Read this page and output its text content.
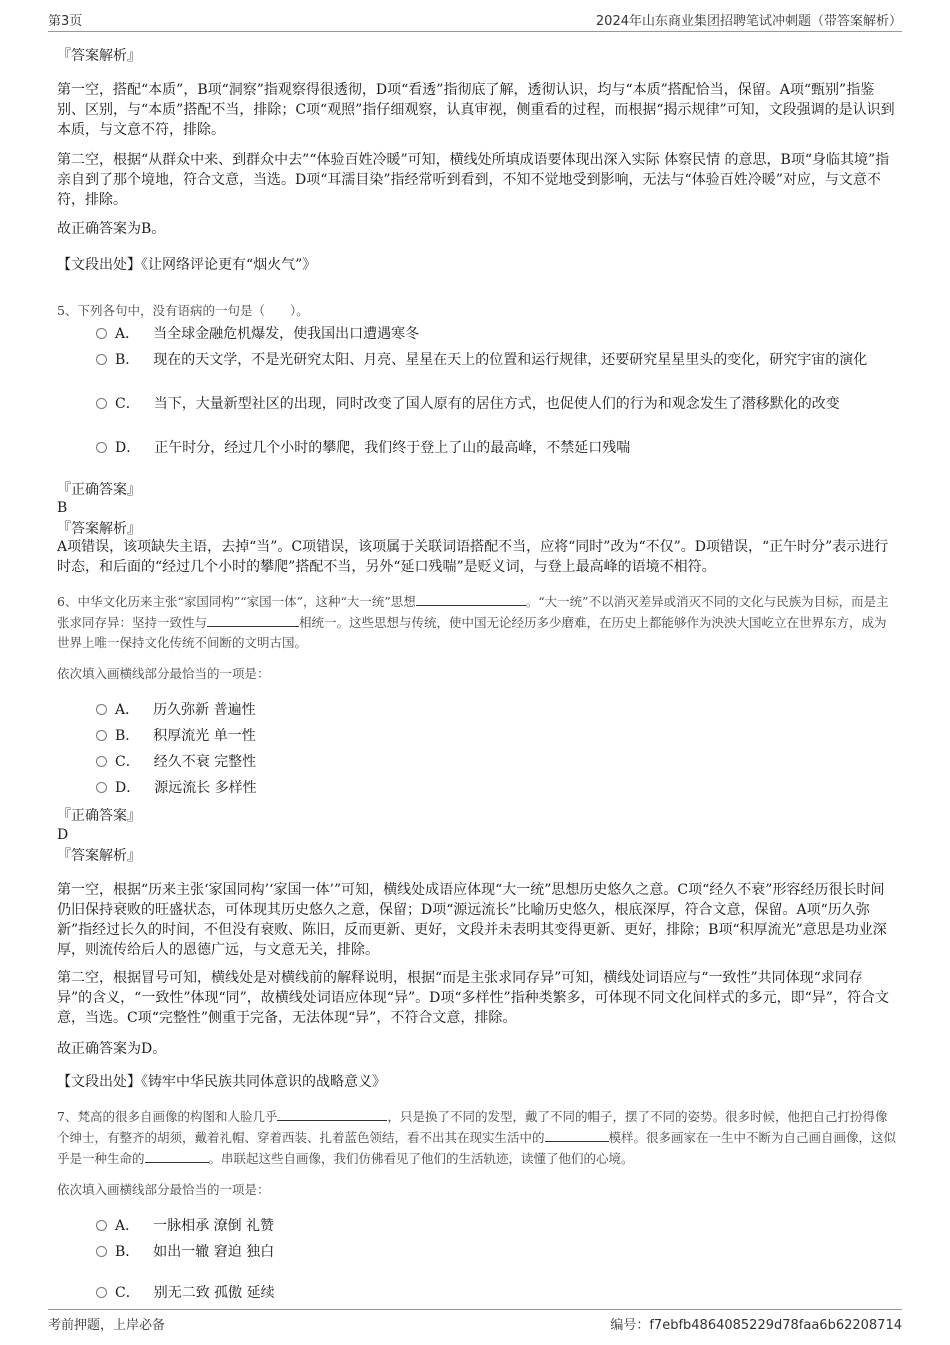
第3页	2024年山东商业集团招聘笔试冲刺题（带答案解析）
『答案解析』
第一空，搭配“本质”，B项“洞察”指观察得很透彻，D项“看透”指彻底了解，透彻认识，均与“本质”搭配恰当，保留。A项“甄别”指鉴别、区别，与“本质”搭配不当，排除；C项“观照”指仔细观察，认真审视，侧重看的过程，而根据“揭示规律”可知，文段强调的是认识到本质，与文意不符，排除。
第二空，根据“从群众中来、到群众中去”“体验百姓冷暖”可知，横线处所填成语要体现出深入实际 体察民情 的意思，B项“身临其境”指亲自到了那个境地，符合文意，当选。D项“耳濡目染”指经常听到看到，不知不觉地受到影响，无法与“体验百姓冷暖”对应，与文意不符，排除。
故正确答案为B。
【文段出处】《让网络评论更有“烟火气”》
5、下列各句中，没有语病的一句是（　　）。
A． 当全球金融危机爆发，使我国出口遭遇寒冬
B． 现在的天文学，不是光研究太阳、月亮、星星在天上的位置和运行规律，还要研究星星里头的变化，研究宇宙的演化
C． 当下，大量新型社区的出现，同时改变了国人原有的居住方式，也促使人们的行为和观念发生了潜移默化的改变
D． 正午时分，经过几个小时的攀爬，我们终于登上了山的最高峰，不禁延口残喘
『正确答案』
B
『答案解析』
A项错误，该项缺失主语，去掉“当”。C项错误，该项属于关联词语搭配不当，应将“同时”改为“不仅”。D项错误，“正午时分”表示进行时态，和后面的“经过几个小时的攀爬”搭配不当，另外“延口残喘”是贬义词，与登上最高峰的语境不相符。
6、中华文化历来主张“家国同构”“家国一体”，这种“大一统”思想	。“大一统”不以消灭差异或消灭不同的文化与民族为目标，而是主张求同存异：坚持一致性与	相统一。这些思想与传统，使中国无论经历多少磨难，在历史上都能够作为泱泱大国屹立在世界东方，成为世界上唯一保持文化传统不间断的文明古国。
依次填入画横线部分最恰当的一项是：
A． 历久弥新 普遍性
B． 积厚流光 单一性
C． 经久不衰 完整性
D． 源远流长 多样性
『正确答案』
D
『答案解析』
第一空，根据“历来主张‘家国同构’‘家国一体’”可知，横线处成语应体现“大一统”思想历史悠久之意。C项“经久不衰”形容经历很长时间仍旧保持衰败的旺盛状态，可体现其历史悠久之意，保留；D项“源远流长”比喻历史悠久，根底深厚，符合文意，保留。A项“历久弥新”指经过长久的时间，不但没有衰败、陈旧，反而更新、更好，文段并未表明其变得更新、更好，排除；B项“积厚流光”意思是功业深厚，则流传给后人的恩德广远，与文意无关，排除。
第二空，根据冒号可知，横线处是对横线前的解释说明，根据“而是主张求同存异”可知，横线处词语应与“一致性”共同体现“求同存异”的含义，“一致性”体现“同”，故横线处词语应体现“异”。D项“多样性”指种类繁多，可体现不同文化间样式的多元，即“异”，符合文意，当选。C项“完整性”侧重于完备，无法体现“异”，不符合文意，排除。
故正确答案为D。
【文段出处】《铸牢中华民族共同体意识的战略意义》
7、梵高的很多自画像的构图和人脸几乎	，只是换了不同的发型，戴了不同的帽子，摆了不同的姿势。很多时候，他把自己打扮得像个绅士，有整齐的胡须，戴着礼帽、穿着西装、扎着蓝色领结，看不出其在现实生活中的	模样。很多画家在一生中不断为自己画自画像，这似乎是一种生命的	。串联起这些自画像，我们仿佛看见了他们的生活轨迹，读懂了他们的心境。
依次填入画横线部分最恰当的一项是：
A． 一脉相承 潦倒 礼赞
B． 如出一辙 窘迫 独白
C． 别无二致 孤傲 延续
考前押题，上岸必备	编号：f7ebfb4864085229d78faa6b62208714
